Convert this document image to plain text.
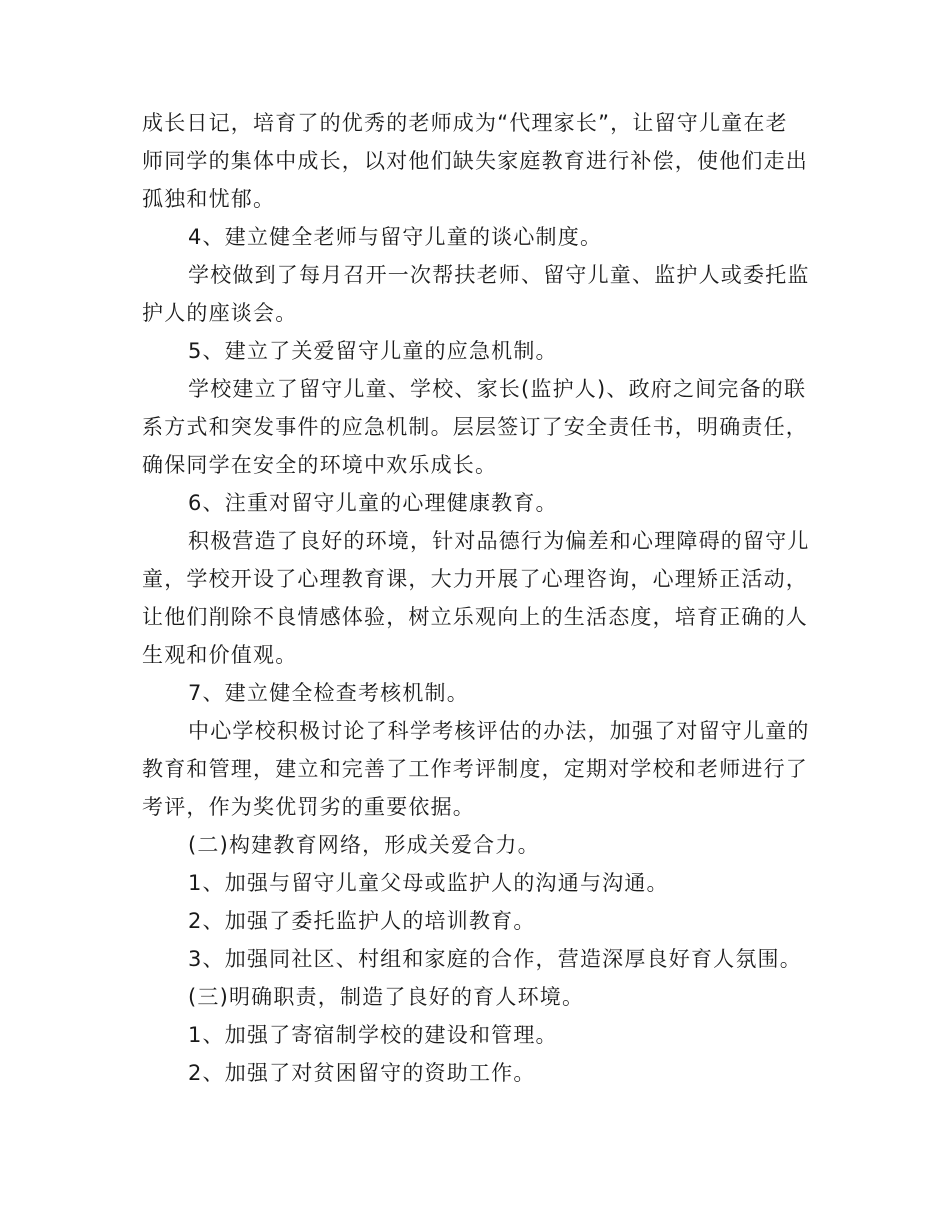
成长日记，培育了的优秀的老师成为“代理家长”，让留守儿童在老
师同学的集体中成长，以对他们缺失家庭教育进行补偿，使他们走出
孤独和忧郁。
4、建立健全老师与留守儿童的谈心制度。
学校做到了每月召开一次帮扶老师、留守儿童、监护人或委托监
护人的座谈会。
5、建立了关爱留守儿童的应急机制。
学校建立了留守儿童、学校、家长(监护人)、政府之间完备的联
系方式和突发事件的应急机制。层层签订了安全责任书，明确责任，
确保同学在安全的环境中欢乐成长。
6、注重对留守儿童的心理健康教育。
积极营造了良好的环境，针对品德行为偏差和心理障碍的留守儿
童，学校开设了心理教育课，大力开展了心理咨询，心理矫正活动，
让他们削除不良情感体验，树立乐观向上的生活态度，培育正确的人
生观和价值观。
7、建立健全检查考核机制。
中心学校积极讨论了科学考核评估的办法，加强了对留守儿童的
教育和管理，建立和完善了工作考评制度，定期对学校和老师进行了
考评，作为奖优罚劣的重要依据。
(二)构建教育网络，形成关爱合力。
1、加强与留守儿童父母或监护人的沟通与沟通。
2、加强了委托监护人的培训教育。
3、加强同社区、村组和家庭的合作，营造深厚良好育人氛围。
(三)明确职责，制造了良好的育人环境。
1、加强了寄宿制学校的建设和管理。
2、加强了对贫困留守的资助工作。
